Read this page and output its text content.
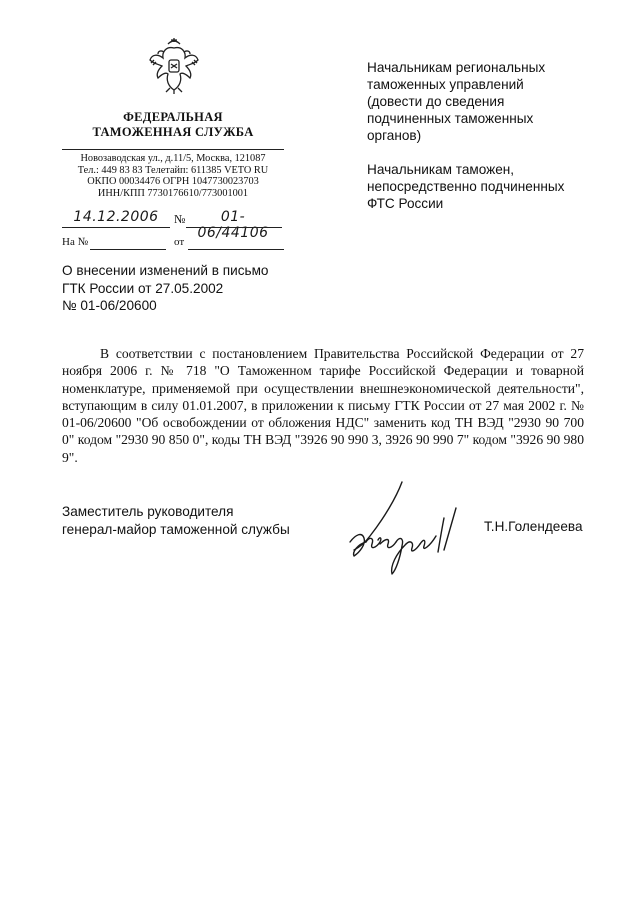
ФЕДЕРАЛЬНАЯ
ТАМОЖЕННАЯ СЛУЖБА
Новозаводская ул., д.11/5, Москва, 121087
Тел.: 449 83 83 Телетайп: 611385 VETO RU
ОКПО 00034476 ОГРН 1047730023703
ИНН/КПП 7730176610/773001001
14.12.2006	№	01-06/44106
На №	от
Начальникам региональных
таможенных управлений
(довести до сведения
подчиненных таможенных
органов)
Начальникам таможен,
непосредственно подчиненных
ФТС России
О внесении изменений в письмо
ГТК России от 27.05.2002
№ 01-06/20600
В соответствии с постановлением Правительства Российской Федерации от 27 ноября 2006 г. № 718 "О Таможенном тарифе Российской Федерации и товарной номенклатуре, применяемой при осуществлении внешнеэкономической деятельности", вступающим в силу 01.01.2007, в приложении к письму ГТК России от 27 мая 2002 г. № 01-06/20600 "Об освобождении от обложения НДС" заменить код ТН ВЭД "2930 90 700 0" кодом "2930 90 850 0", коды ТН ВЭД "3926 90 990 3, 3926 90 990 7" кодом "3926 90 980 9".
Заместитель руководителя
генерал-майор таможенной службы	Т.Н.Голендеева
